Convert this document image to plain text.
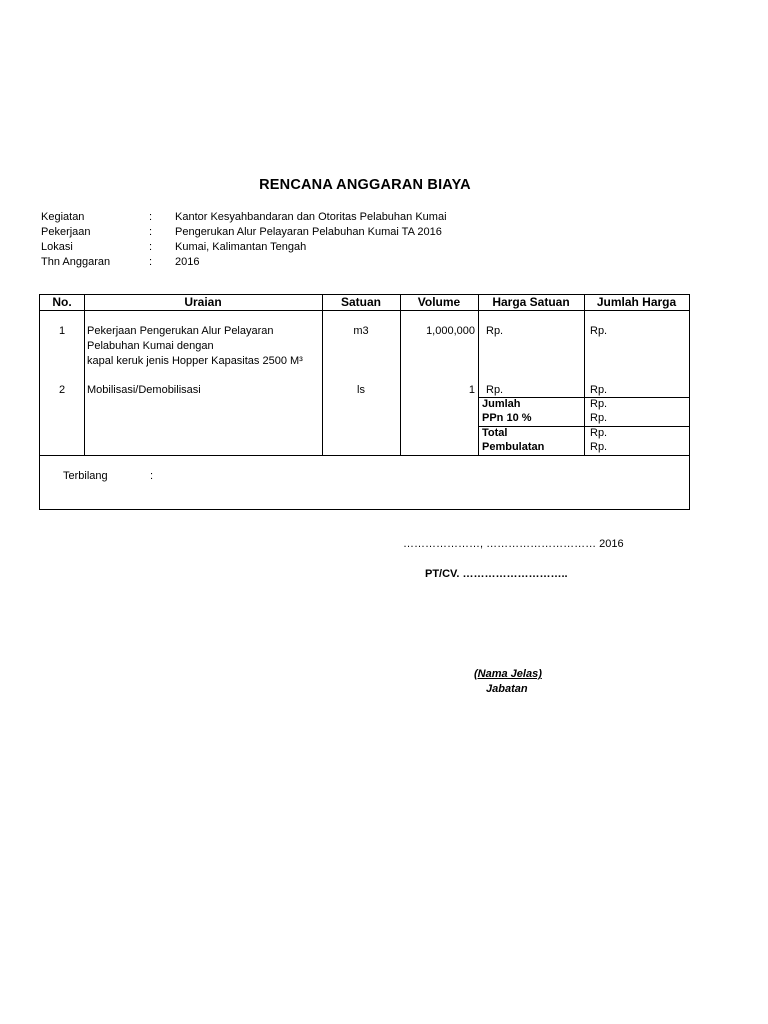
RENCANA ANGGARAN BIAYA
Kegiatan	: Kantor Kesyahbandaran dan Otoritas Pelabuhan Kumai
Pekerjaan	: Pengerukan Alur Pelayaran Pelabuhan Kumai TA 2016
Lokasi	: Kumai, Kalimantan Tengah
Thn Anggaran	: 2016
No.	Uraian	Satuan	Volume	Harga Satuan	Jumlah Harga
1	Pekerjaan Pengerukan Alur Pelayaran
Pelabuhan Kumai dengan
kapal keruk jenis Hopper Kapasitas 2500 M³
m3	1,000,000 Rp.	Rp.
2	Mobilisasi/Demobilisasi	ls	1 Rp.	Rp.
Jumlah	Rp.
PPn 10 %	Rp.
Total	Rp.
Pembulatan	Rp.
Terbilang	:
…………………, ………………………… 2016
PT/CV. ………………………..
(Nama Jelas)
Jabatan
